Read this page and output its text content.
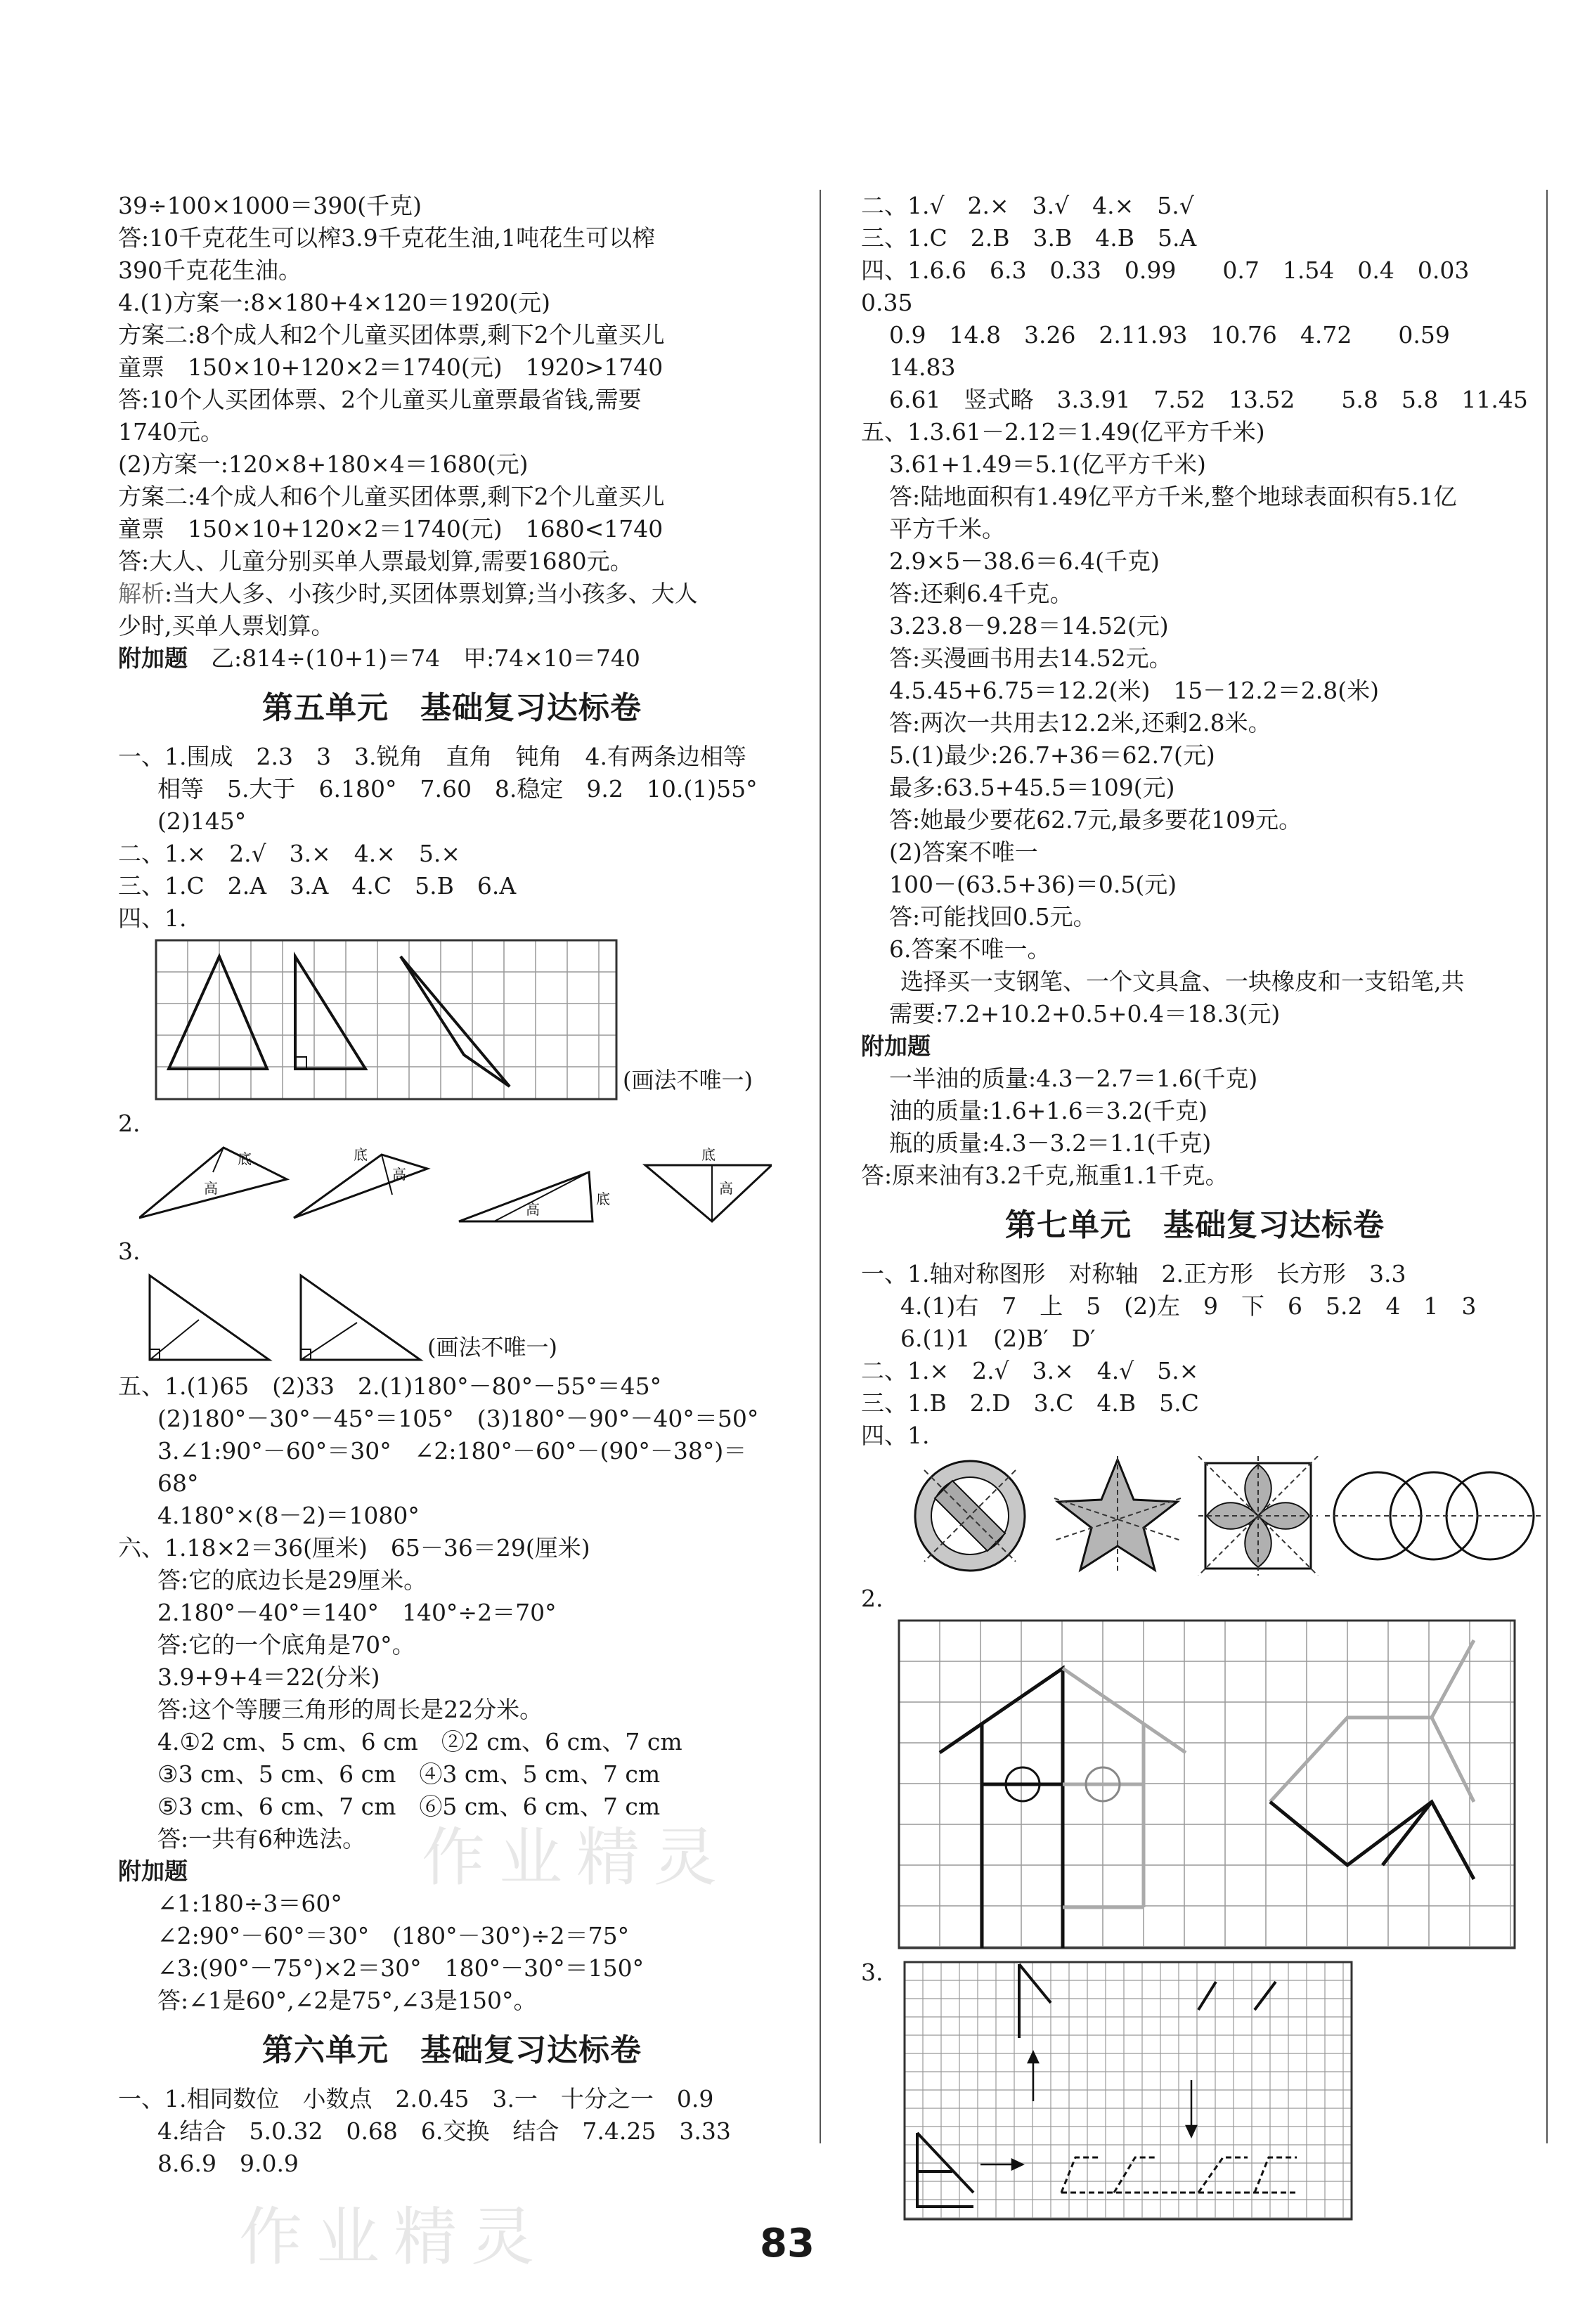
39÷100×1000＝390(千克)
答:10千克花生可以榨3.9千克花生油,1吨花生可以榨
390千克花生油。
4.(1)方案一:8×180+4×120＝1920(元)
方案二:8个成人和2个儿童买团体票,剩下2个儿童买儿
童票　150×10+120×2＝1740(元)　1920>1740
答:10个人买团体票、2个儿童买儿童票最省钱,需要
1740元。
(2)方案一:120×8+180×4＝1680(元)
方案二:4个成人和6个儿童买团体票,剩下2个儿童买儿
童票　150×10+120×2＝1740(元)　1680<1740
答:大人、儿童分别买单人票最划算,需要1680元。
解析:当大人多、小孩少时,买团体票划算;当小孩多、大人
少时,买单人票划算。
附加题　乙:814÷(10+1)＝74　甲:74×10＝740
第五单元　基础复习达标卷
一、1.围成　2.3　3　3.锐角　直角　钝角　4.有两条边相等
相等　5.大于　6.180°　7.60　8.稳定　9.2　10.(1)55°
(2)145°
二、1.×　2.√　3.×　4.×　5.×
三、1.C　2.A　3.A　4.C　5.B　6.A
四、1.
(画法不唯一)
2.
底
高
底
高
底
高
底
高
3.
(画法不唯一)
五、1.(1)65　(2)33　2.(1)180°－80°－55°＝45°
(2)180°－30°－45°＝105°　(3)180°－90°－40°＝50°
3.∠1:90°－60°＝30°　∠2:180°－60°－(90°－38°)＝68°
4.180°×(8－2)＝1080°
六、1.18×2＝36(厘米)　65－36＝29(厘米)
答:它的底边长是29厘米。
2.180°－40°＝140°　140°÷2＝70°
答:它的一个底角是70°。
3.9+9+4＝22(分米)
答:这个等腰三角形的周长是22分米。
4.①2 cm、5 cm、6 cm　②2 cm、6 cm、7 cm
③3 cm、5 cm、6 cm　④3 cm、5 cm、7 cm
⑤3 cm、6 cm、7 cm　⑥5 cm、6 cm、7 cm
答:一共有6种选法。
附加题
∠1:180÷3＝60°
∠2:90°－60°＝30°　(180°－30°)÷2＝75°
∠3:(90°－75°)×2＝30°　180°－30°＝150°
答:∠1是60°,∠2是75°,∠3是150°。
第六单元　基础复习达标卷
一、1.相同数位　小数点　2.0.45　3.一　十分之一　0.9
4.结合　5.0.32　0.68　6.交换　结合　7.4.25　3.33
8.6.9　9.0.9
二、1.√　2.×　3.√　4.×　5.√
三、1.C　2.B　3.B　4.B　5.A
四、1.6.6　6.3　0.33　0.99　　0.7　1.54　0.4　0.03　　0.35
0.9　14.8　3.26　2.11.93　10.76　4.72　　0.59　14.83
6.61　竖式略　3.3.91　7.52　13.52　　5.8　5.8　11.45
五、1.3.61－2.12＝1.49(亿平方千米)
3.61+1.49＝5.1(亿平方千米)
答:陆地面积有1.49亿平方千米,整个地球表面积有5.1亿
平方千米。
2.9×5－38.6＝6.4(千克)
答:还剩6.4千克。
3.23.8－9.28＝14.52(元)
答:买漫画书用去14.52元。
4.5.45+6.75＝12.2(米)　15－12.2＝2.8(米)
答:两次一共用去12.2米,还剩2.8米。
5.(1)最少:26.7+36＝62.7(元)
最多:63.5+45.5＝109(元)
答:她最少要花62.7元,最多要花109元。
(2)答案不唯一
100－(63.5+36)＝0.5(元)
答:可能找回0.5元。
6.答案不唯一。
选择买一支钢笔、一个文具盒、一块橡皮和一支铅笔,共
需要:7.2+10.2+0.5+0.4＝18.3(元)
附加题
一半油的质量:4.3－2.7＝1.6(千克)
油的质量:1.6+1.6＝3.2(千克)
瓶的质量:4.3－3.2＝1.1(千克)
答:原来油有3.2千克,瓶重1.1千克。
第七单元　基础复习达标卷
一、1.轴对称图形　对称轴　2.正方形　长方形　3.3
4.(1)右　7　上　5　(2)左　9　下　6　5.2　4　1　3
6.(1)1　(2)B′　D′
二、1.×　2.√　3.×　4.√　5.×
三、1.B　2.D　3.C　4.B　5.C
四、1.
2.
3.
83
作业精灵
作业精灵
